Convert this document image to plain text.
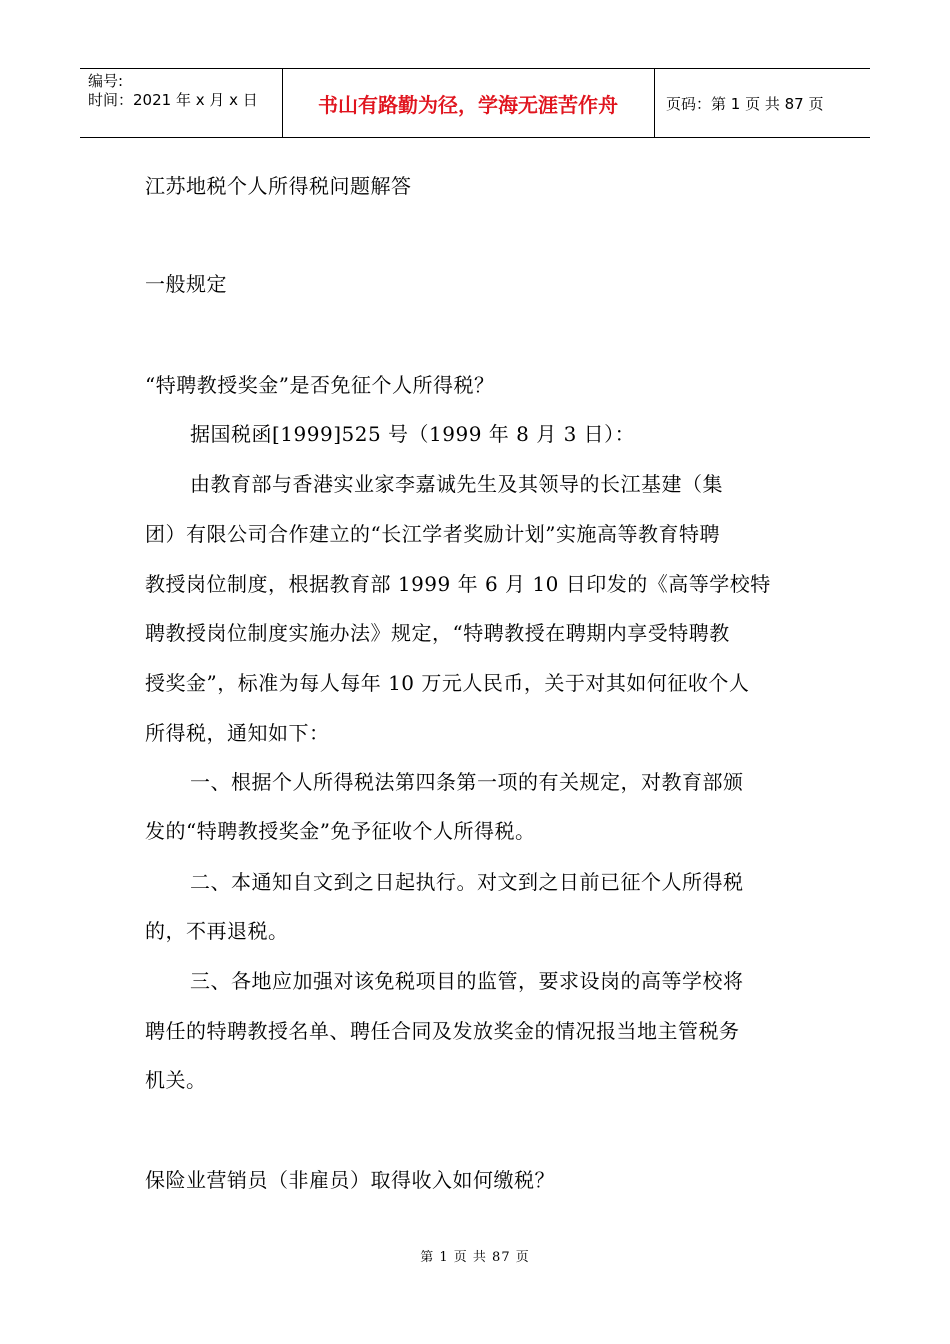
编号:
时间：2021 年 x 月 x 日	书山有路勤为径，学海无涯苦作舟	页码：第 1 页 共 87 页
江苏地税个人所得税问题解答
一般规定
“特聘教授奖金”是否免征个人所得税？
据国税函[1999]525 号（1999 年 8 月 3 日）：
由教育部与香港实业家李嘉诚先生及其领导的长江基建（集
团）有限公司合作建立的“长江学者奖励计划”实施高等教育特聘
教授岗位制度，根据教育部 1999 年 6 月 10 日印发的《高等学校特
聘教授岗位制度实施办法》规定，“特聘教授在聘期内享受特聘教
授奖金”，标准为每人每年 10 万元人民币，关于对其如何征收个人
所得税，通知如下：
一、根据个人所得税法第四条第一项的有关规定，对教育部颁
发的“特聘教授奖金”免予征收个人所得税。
二、本通知自文到之日起执行。对文到之日前已征个人所得税
的，不再退税。
三、各地应加强对该免税项目的监管，要求设岗的高等学校将
聘任的特聘教授名单、聘任合同及发放奖金的情况报当地主管税务
机关。
保险业营销员（非雇员）取得收入如何缴税？
第 1 页 共 87 页
